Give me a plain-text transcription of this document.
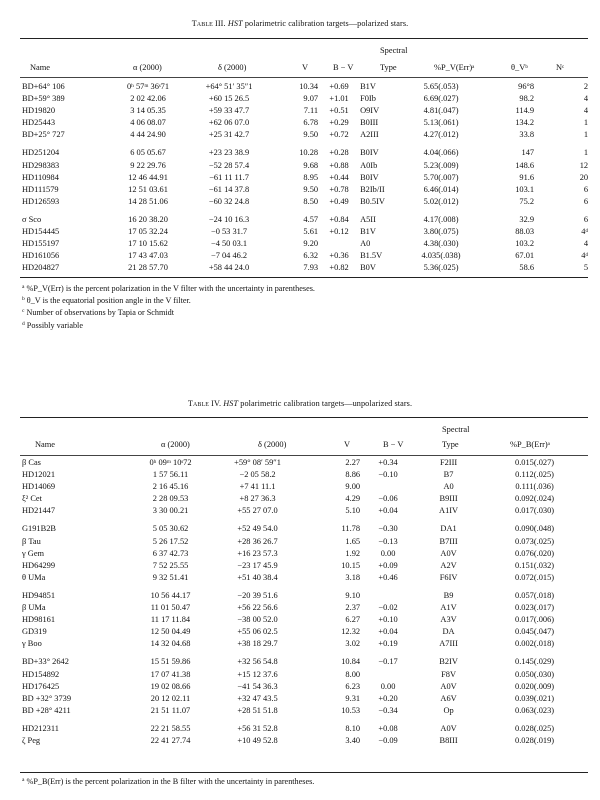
Table III. HST polarimetric calibration targets—polarized stars.
Spectral
Name	α (2000)	δ (2000)	V	B − V	Type	%P_V(Err)ᵃ	θ_Vᵇ	Nᶜ
BD+64° 106	0ʰ 57ᵐ 36ˢ71	+64° 51′ 35″1	10.34	+0.69	B1V	5.65(.053)	96°8	2
BD+59° 389	2 02 42.06	+60 15 26.5	9.07	+1.01	F0Ib	6.69(.027)	98.2	4
HD19820	3 14 05.35	+59 33 47.7	7.11	+0.51	O9IV	4.81(.047)	114.9	4
HD25443	4 06 08.07	+62 06 07.0	6.78	+0.29	B0III	5.13(.061)	134.2	1
BD+25° 727	4 44 24.90	+25 31 42.7	9.50	+0.72	A2III	4.27(.012)	33.8	1

HD251204	6 05 05.67	+23 23 38.9	10.28	+0.28	B0IV	4.04(.066)	147	1
HD298383	9 22 29.76	−52 28 57.4	9.68	+0.88	A0Ib	5.23(.009)	148.6	12
HD110984	12 46 44.91	−61 11 11.7	8.95	+0.44	B0IV	5.70(.007)	91.6	20
HD111579	12 51 03.61	−61 14 37.8	9.50	+0.78	B2Ib/II	6.46(.014)	103.1	6
HD126593	14 28 51.06	−60 32 24.8	8.50	+0.49	B0.5IV	5.02(.012)	75.2	6

σ Sco	16 20 38.20	−24 10 16.3	4.57	+0.84	A5II	4.17(.008)	32.9	6
HD154445	17 05 32.24	−0 53 31.7	5.61	+0.12	B1V	3.80(.075)	88.03	4ᵈ
HD155197	17 10 15.62	−4 50 03.1	9.20		A0	4.38(.030)	103.2	4
HD161056	17 43 47.03	−7 04 46.2	6.32	+0.36	B1.5V	4.035(.038)	67.01	4ᵈ
HD204827	21 28 57.70	+58 44 24.0	7.93	+0.82	B0V	5.36(.025)	58.6	5
$^a$ %P_V(Err) is the percent polarization in the V filter with the uncertainty in parentheses.
$^b$ θ_V is the equatorial position angle in the V filter.
$^c$ Number of observations by Tapia or Schmidt
$^d$ Possibly variable
Table IV. HST polarimetric calibration targets—unpolarized stars.
Spectral
Name	α (2000)	δ (2000)	V	B − V	Type	%P_B(Err)ᵃ
β Cas	0ʰ 09ᵐ 10ˢ72	+59° 08′ 59″1	2.27	+0.34	F2III	0.015(.027)
HD12021	1 57 56.11	−2 05 58.2	8.86	−0.10	B7	0.112(.025)
HD14069	2 16 45.16	+7 41 11.1	9.00		A0	0.111(.036)
ξ² Cet	2 28 09.53	+8 27 36.3	4.29	−0.06	B9III	0.092(.024)
HD21447	3 30 00.21	+55 27 07.0	5.10	+0.04	A1IV	0.017(.030)

G191B2B	5 05 30.62	+52 49 54.0	11.78	−0.30	DA1	0.090(.048)
β Tau	5 26 17.52	+28 36 26.7	1.65	−0.13	B7III	0.073(.025)
γ Gem	6 37 42.73	+16 23 57.3	1.92	0.00	A0V	0.076(.020)
HD64299	7 52 25.55	−23 17 45.9	10.15	+0.09	A2V	0.151(.032)
θ UMa	9 32 51.41	+51 40 38.4	3.18	+0.46	F6IV	0.072(.015)

HD94851	10 56 44.17	−20 39 51.6	9.10		B9	0.057(.018)
β UMa	11 01 50.47	+56 22 56.6	2.37	−0.02	A1V	0.023(.017)
HD98161	11 17 11.84	−38 00 52.0	6.27	+0.10	A3V	0.017(.006)
GD319	12 50 04.49	+55 06 02.5	12.32	+0.04	DA	0.045(.047)
γ Boo	14 32 04.68	+38 18 29.7	3.02	+0.19	A7III	0.002(.018)

BD+33° 2642	15 51 59.86	+32 56 54.8	10.84	−0.17	B2IV	0.145(.029)
HD154892	17 07 41.38	+15 12 37.6	8.00		F8V	0.050(.030)
HD176425	19 02 08.66	−41 54 36.3	6.23	0.00	A0V	0.020(.009)
BD +32° 3739	20 12 02.11	+32 47 43.5	9.31	+0.20	A6V	0.039(.021)
BD +28° 4211	21 51 11.07	+28 51 51.8	10.53	−0.34	Op	0.063(.023)

HD212311	22 21 58.55	+56 31 52.8	8.10	+0.08	A0V	0.028(.025)
ζ Peg	22 41 27.74	+10 49 52.8	3.40	−0.09	B8III	0.028(.019)
$^a$ %P_B(Err) is the percent polarization in the B filter with the uncertainty in parentheses.
